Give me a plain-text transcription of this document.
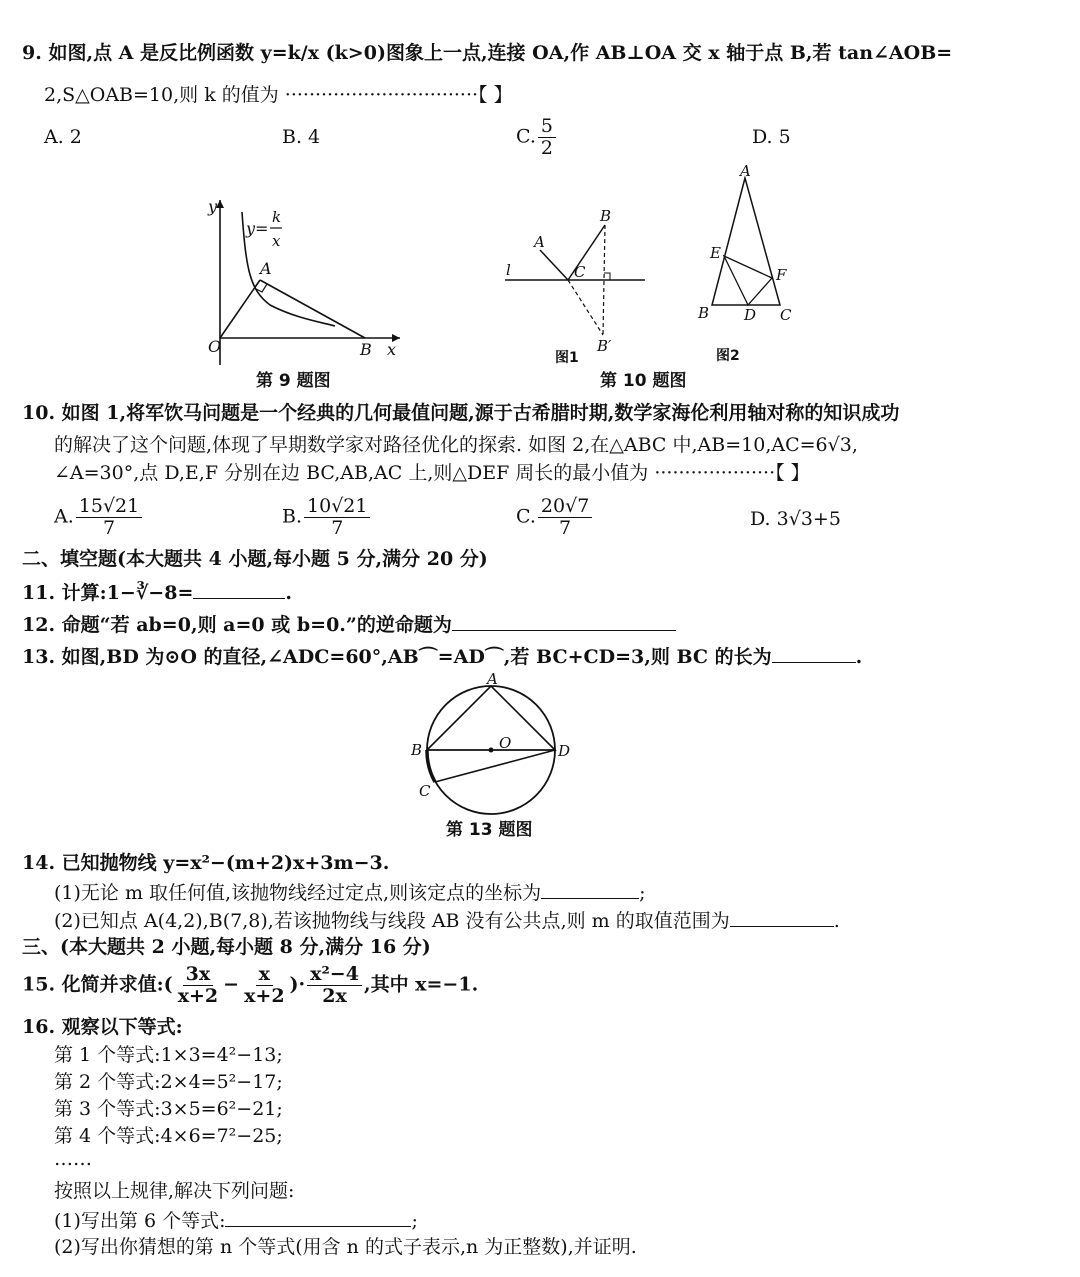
9. 如图,点 A 是反比例函数 y=k/x (k>0)图象上一点,连接 OA,作 AB⊥OA 交 x 轴于点 B,若 tan∠AOB=
2,S△OAB=10,则 k 的值为 ································【 】
A. 2	B. 4	C. $\frac{5}{2}$	D. 5
y
y=
k
x
A
O	B x
第 9 题图
A
B
C
l
B′
图1
A
E
F
B D C
图2
第 10 题图
10. 如图 1,将军饮马问题是一个经典的几何最值问题,源于古希腊时期,数学家海伦利用轴对称的知识成功
的解决了这个问题,体现了早期数学家对路径优化的探索. 如图 2,在△ABC 中,AB=10,AC=6√3,
∠A=30°,点 D,E,F 分别在边 BC,AB,AC 上,则△DEF 周长的最小值为 ····················【 】
A. $\frac{15√21}{7}$	B. $\frac{10√21}{7}$	C. $\frac{20√7}{7}$	D. 3√3+5
二、填空题(本大题共 4 小题,每小题 5 分,满分 20 分)
11. 计算:1−∛−8=	.
12. 命题“若 ab=0,则 a=0 或 b=0.”的逆命题为
13. 如图,BD 为⊙O 的直径,∠ADC=60°,AB⌒=AD⌒,若 BC+CD=3,则 BC 的长为	.
A
B	O	D
C
第 13 题图
14. 已知抛物线 y=x²−(m+2)x+3m−3.
(1)无论 m 取任何值,该抛物线经过定点,则该定点的坐标为	;
(2)已知点 A(4,2),B(7,8),若该抛物线与线段 AB 没有公共点,则 m 的取值范围为	.
三、(本大题共 2 小题,每小题 8 分,满分 16 分)
15. 化简并求值:( $\frac{3x}{x+2} - \frac{x}{x+2}$ )· $\frac{\text{x²−4}}{2x}$ ,其中 x=−1.
16. 观察以下等式:
第 1 个等式:1×3=4²−13;
第 2 个等式:2×4=5²−17;
第 3 个等式:3×5=6²−21;
第 4 个等式:4×6=7²−25;
……
按照以上规律,解决下列问题:
(1)写出第 6 个等式:	;
(2)写出你猜想的第 n 个等式(用含 n 的式子表示,n 为正整数),并证明.
